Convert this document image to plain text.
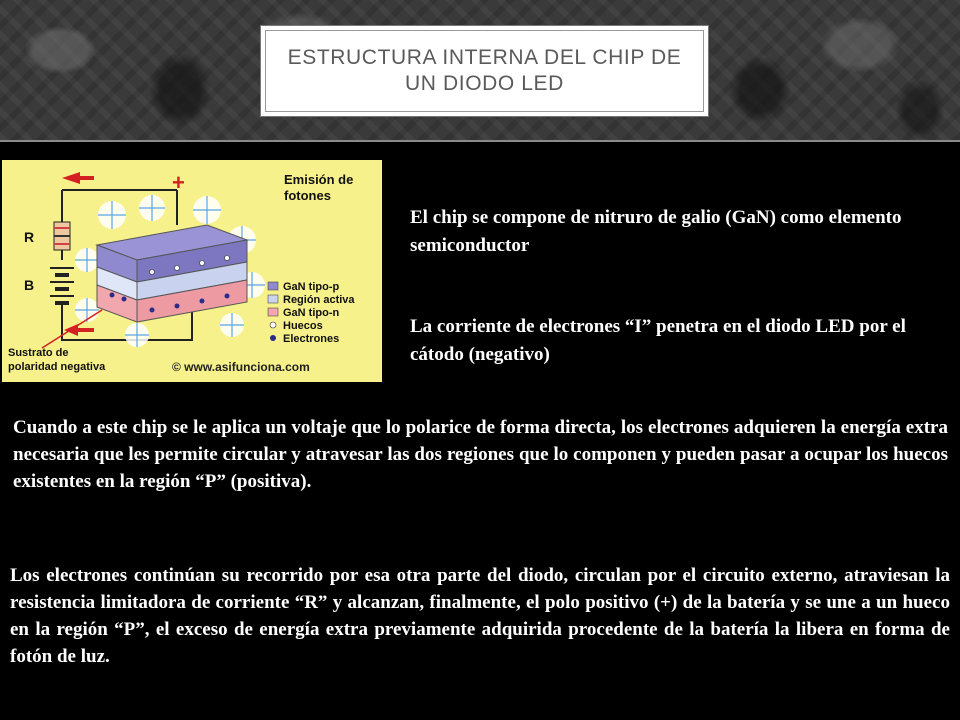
ESTRUCTURA INTERNA DEL CHIP DE UN DIODO LED
+
R
B
Emisión de
fotones
GaN tipo-p
Región activa
GaN tipo-n
Huecos
Electrones
Sustrato de
polaridad negativa	© www.asifunciona.com
El chip se compone de nitruro de galio (GaN) como elemento semiconductor
La corriente de electrones “I” penetra en el diodo LED por el cátodo (negativo)
Cuando a este chip se le aplica un voltaje que lo polarice de forma directa, los electrones adquieren la energía extra necesaria que les permite circular y atravesar las dos regiones que lo componen y pueden pasar a ocupar los huecos existentes en la región “P” (positiva).
Los electrones continúan su recorrido por esa otra parte del diodo, circulan por el circuito externo, atraviesan la resistencia limitadora de corriente “R” y alcanzan, finalmente, el polo positivo (+) de la batería y se une a un hueco en la región “P”, el exceso de energía extra previamente adquirida procedente de la batería la libera en forma de fotón de luz.
